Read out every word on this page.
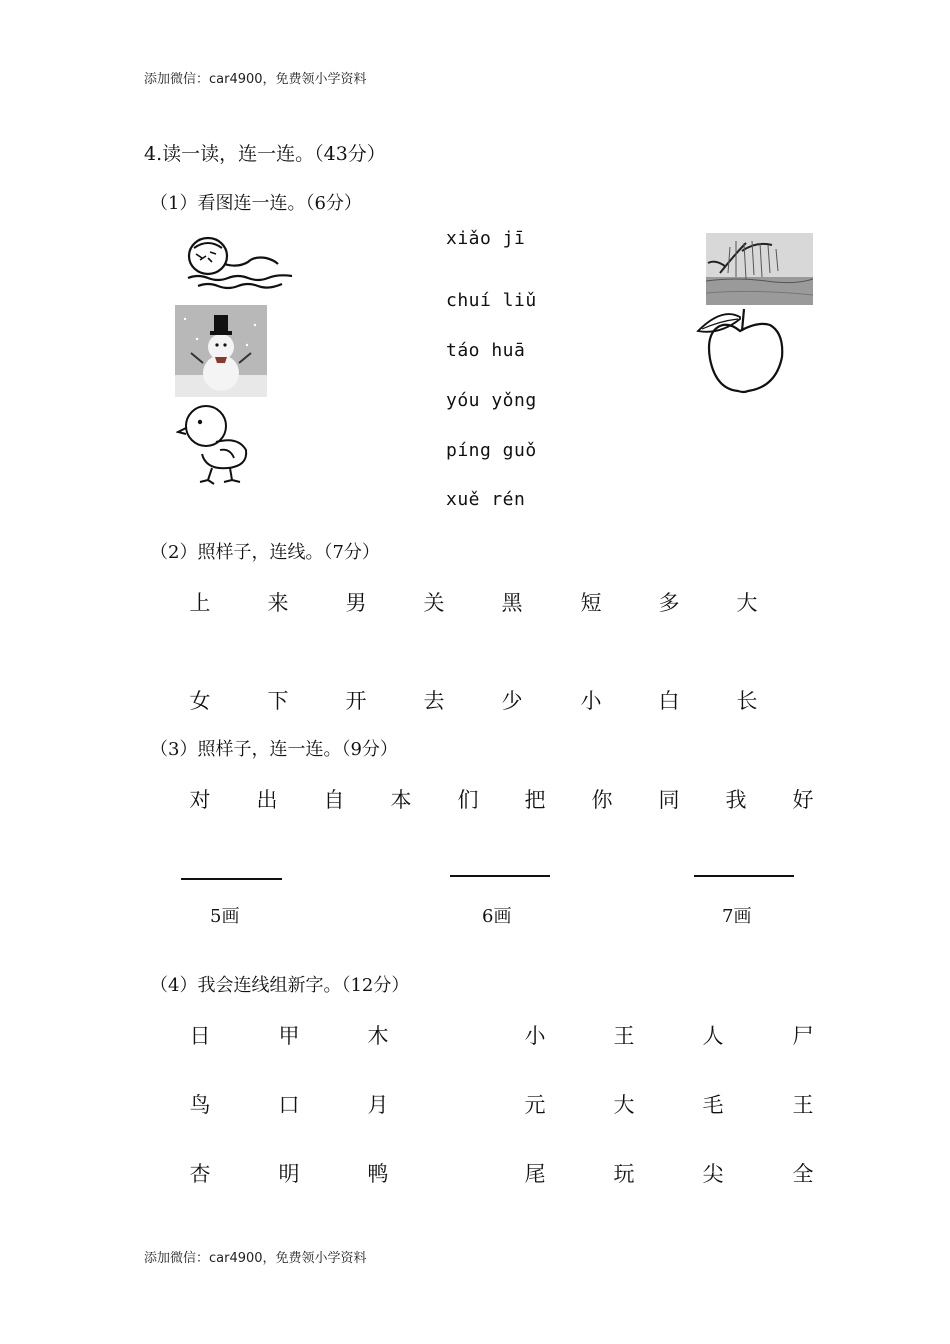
添加微信：car4900，免费领小学资料
4.读一读，连一连。（43分）
（1）看图连一连。（6分）
xiǎo jī
chuí liǔ
táo huā
yóu yǒng
píng guǒ
xuě rén
（2）照样子，连线。（7分）
上	来	男	关	黑	短	多	大
女	下	开	去	少	小	白	长
（3）照样子，连一连。（9分）
对 出 自 本 们 把 你 同 我 好
5画	6画	7画
（4）我会连线组新字。（12分）
日	甲	木	小	王	人	尸
鸟	口	月	元	大	毛	王
杏	明	鸭	尾	玩	尖	全
添加微信：car4900，免费领小学资料
